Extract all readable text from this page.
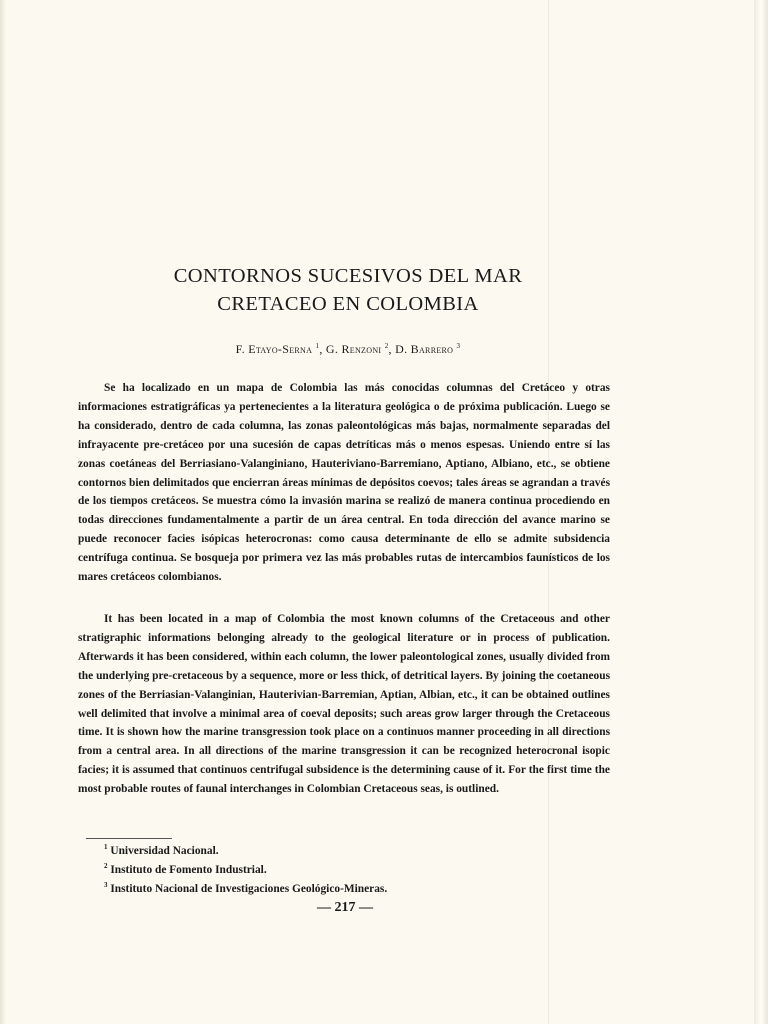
CONTORNOS SUCESIVOS DEL MAR
CRETACEO EN COLOMBIA
F. Etayo-Serna $^1$, G. Renzoni $^2$, D. Barrero $^3$

Se ha localizado en un mapa de Colombia las más conocidas columnas del Cretáceo y otras informaciones estratigráficas ya pertenecientes a la literatura geológica o de próxima publicación. Luego se ha considerado, dentro de cada columna, las zonas paleontológicas más bajas, normalmente separadas del infrayacente pre-cretáceo por una sucesión de capas detríticas más o menos espesas. Uniendo entre sí las zonas coetáneas del Berriasiano-Valanginiano, Hauteriviano-Barremiano, Aptiano, Albiano, etc., se obtiene contornos bien delimitados que encierran áreas mínimas de depósitos coevos; tales áreas se agrandan a través de los tiempos cretáceos. Se muestra cómo la invasión marina se realizó de manera continua procediendo en todas direcciones fundamentalmente a partir de un área central. En toda dirección del avance marino se puede reconocer facies isópicas heterocronas: como causa determinante de ello se admite subsidencia centrífuga continua. Se bosqueja por primera vez las más probables rutas de intercambios faunísticos de los mares cretáceos colombianos.

It has been located in a map of Colombia the most known columns of the Cretaceous and other stratigraphic informations belonging already to the geological literature or in process of publication. Afterwards it has been considered, within each column, the lower paleontological zones, usually divided from the underlying pre-cretaceous by a sequence, more or less thick, of detritical layers. By joining the coetaneous zones of the Berriasian-Valanginian, Hauterivian-Barremian, Aptian, Albian, etc., it can be obtained outlines well delimited that involve a minimal area of coeval deposits; such areas grow larger through the Cretaceous time. It is shown how the marine transgression took place on a continuos manner proceeding in all directions from a central area. In all directions of the marine transgression it can be recognized heterocronal isopic facies; it is assumed that continuos centrifugal subsidence is the determining cause of it. For the first time the most probable routes of faunal interchanges in Colombian Cretaceous seas, is outlined.

$^1$ Universidad Nacional.
$^2$ Instituto de Fomento Industrial.
$^3$ Instituto Nacional de Investigaciones Geológico-Mineras.
— 217 —
